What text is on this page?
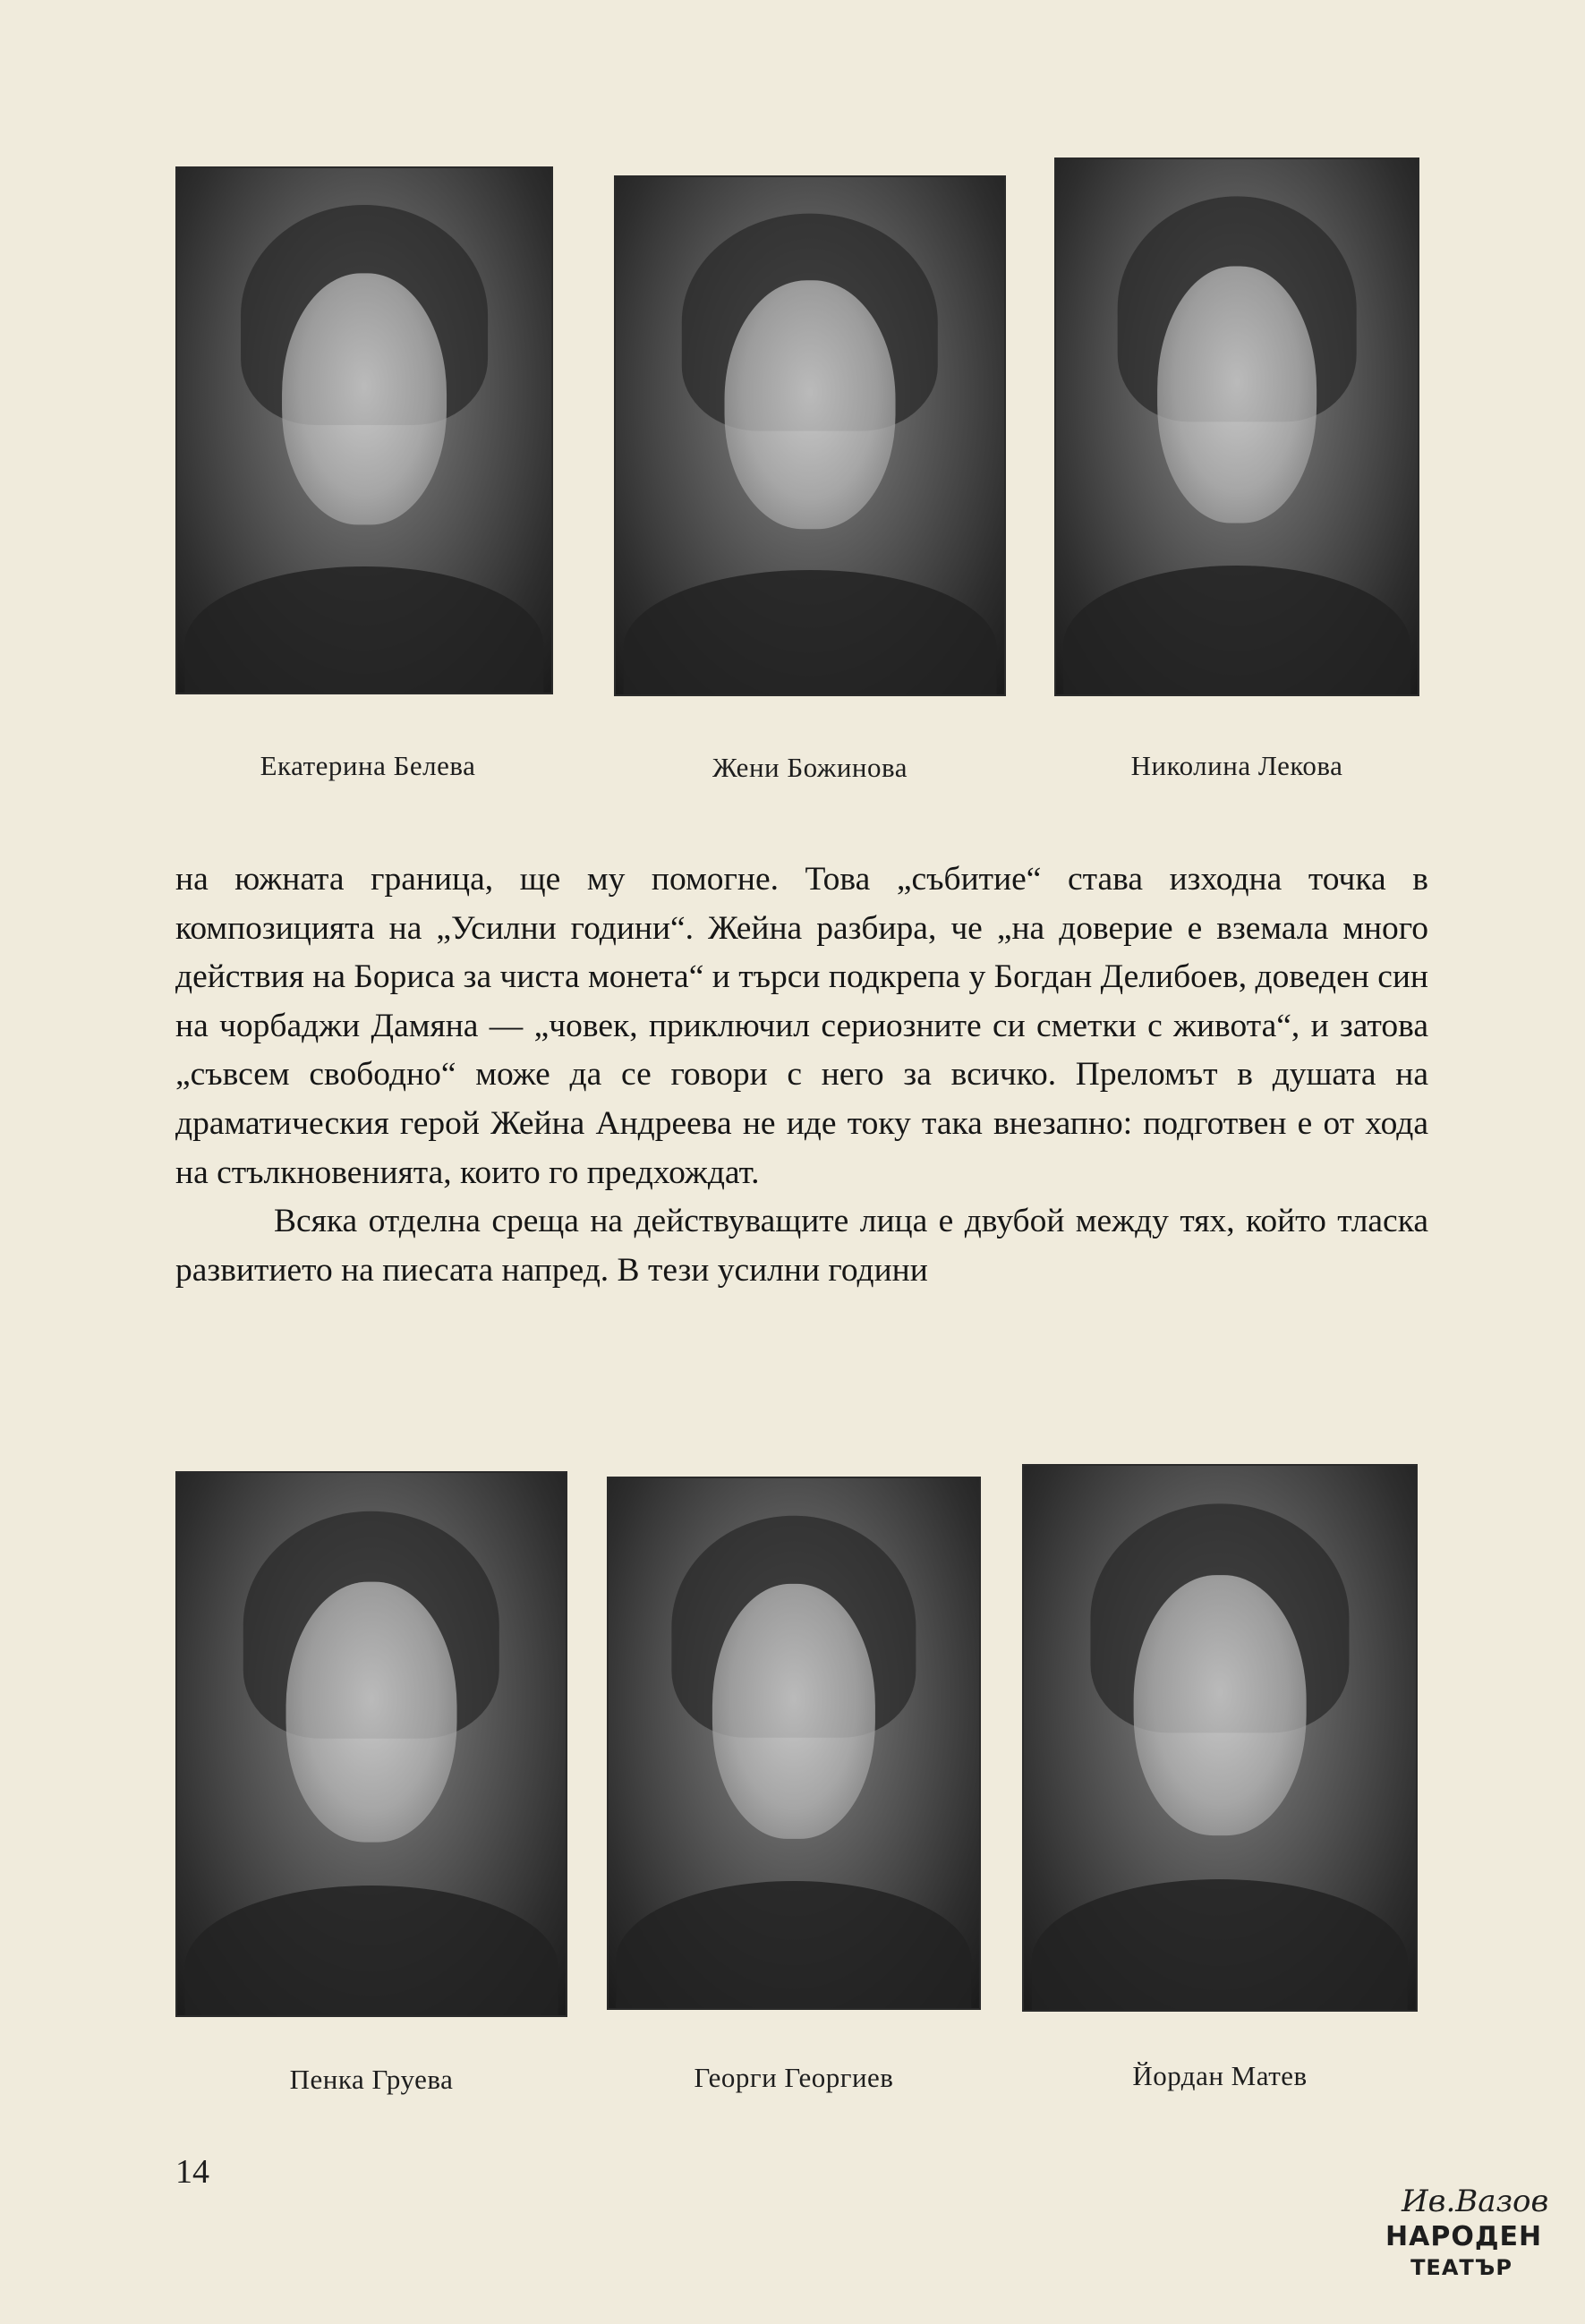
Екатерина Белева	Жени Божинова	Николина Лекова

на южната граница, ще му помогне. Това „събитие“ става изходна точка в композицията на „Усилни години“. Жейна разбира, че „на доверие е вземала много действия на Бориса за чиста монета“ и търси подкрепа у Богдан Делибоев, доведен син на чорбаджи Дамяна — „човек, приключил сериозните си сметки с живота“, и затова „съвсем свободно“ може да се говори с него за всичко. Преломът в душата на драматическия герой Жейна Андреева не иде току така внезапно: подготвен е от хода на стълкновенията, които го предхождат.

Всяка отделна среща на действуващите лица е двубой между тях, който тласка развитието на пиесата напред. В тези усилни години

Пенка Груева	Георги Георгиев	Йордан Матев
14
Ив.Вазов
НАРОДЕН
ТЕАТЪР
